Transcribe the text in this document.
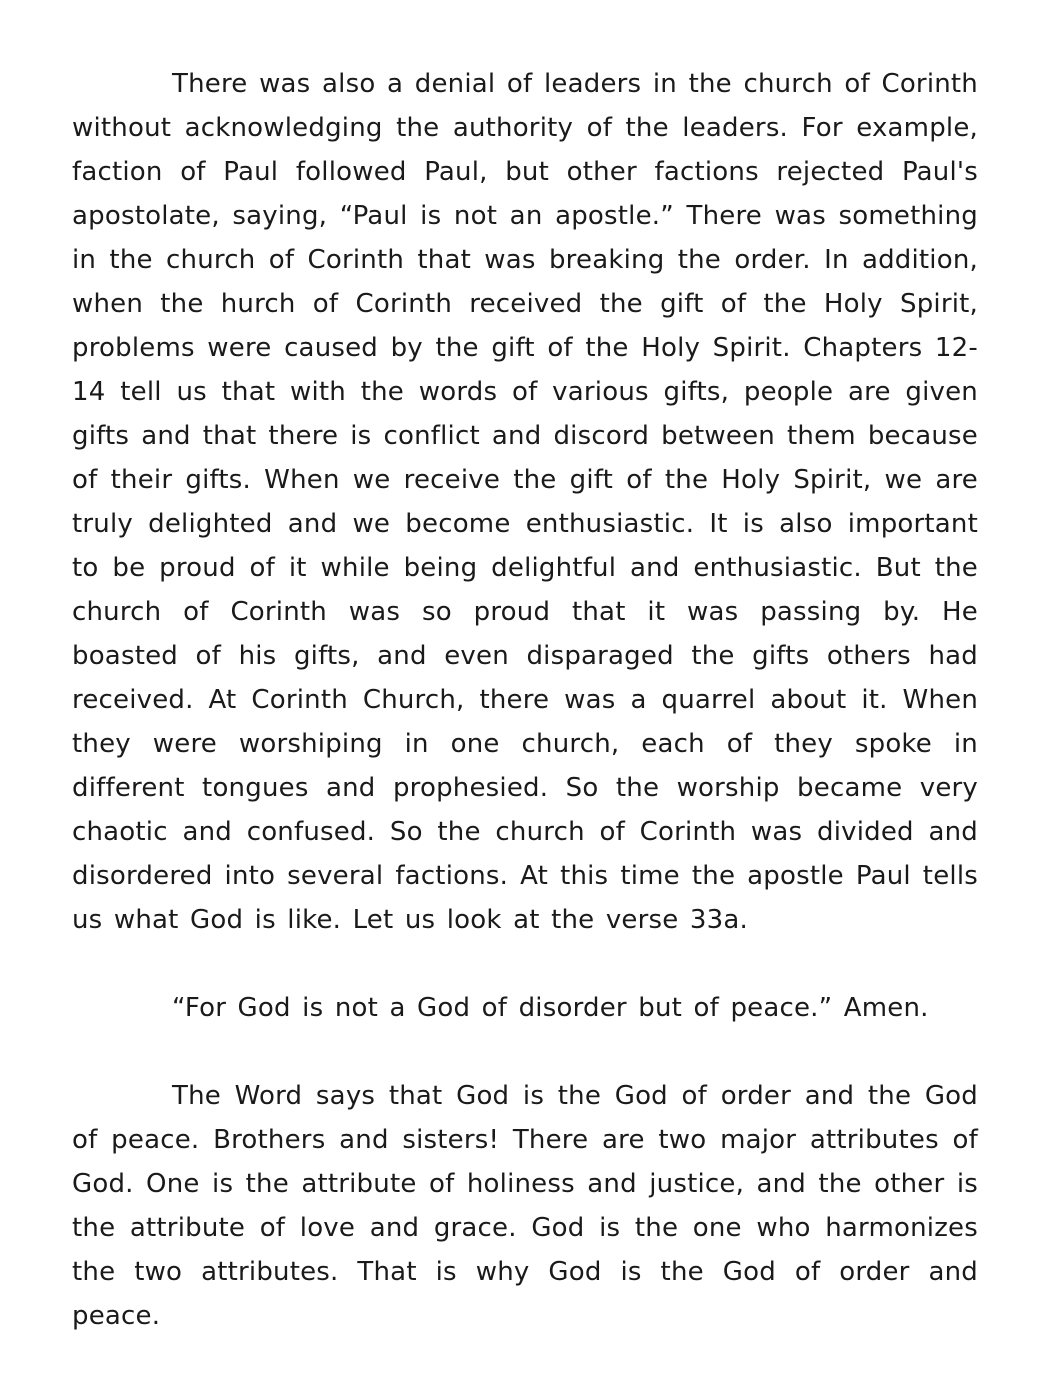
There was also a denial of leaders in the church of Corinth without acknowledging the authority of the leaders. For example, faction of Paul followed Paul, but other factions rejected Paul's apostolate, saying, “Paul is not an apostle.” There was something in the church of Corinth that was breaking the order. In addition, when the hurch of Corinth received the gift of the Holy Spirit, problems were caused by the gift of the Holy Spirit. Chapters 12-14 tell us that with the words of various gifts, people are given gifts and that there is conflict and discord between them because of their gifts. When we receive the gift of the Holy Spirit, we are truly delighted and we become enthusiastic. It is also important to be proud of it while being delightful and enthusiastic. But the church of Corinth was so proud that it was passing by. He boasted of his gifts, and even disparaged the gifts others had received. At Corinth Church, there was a quarrel about it. When they were worshiping in one church, each of they spoke in different tongues and prophesied. So the worship became very chaotic and confused. So the church of Corinth was divided and disordered into several factions. At this time the apostle Paul tells us what God is like. Let us look at the verse 33a.

“For God is not a God of disorder but of peace.” Amen.

The Word says that God is the God of order and the God of peace. Brothers and sisters! There are two major attributes of God. One is the attribute of holiness and justice, and the other is the attribute of love and grace. God is the one who harmonizes the two attributes. That is why God is the God of order and peace.
